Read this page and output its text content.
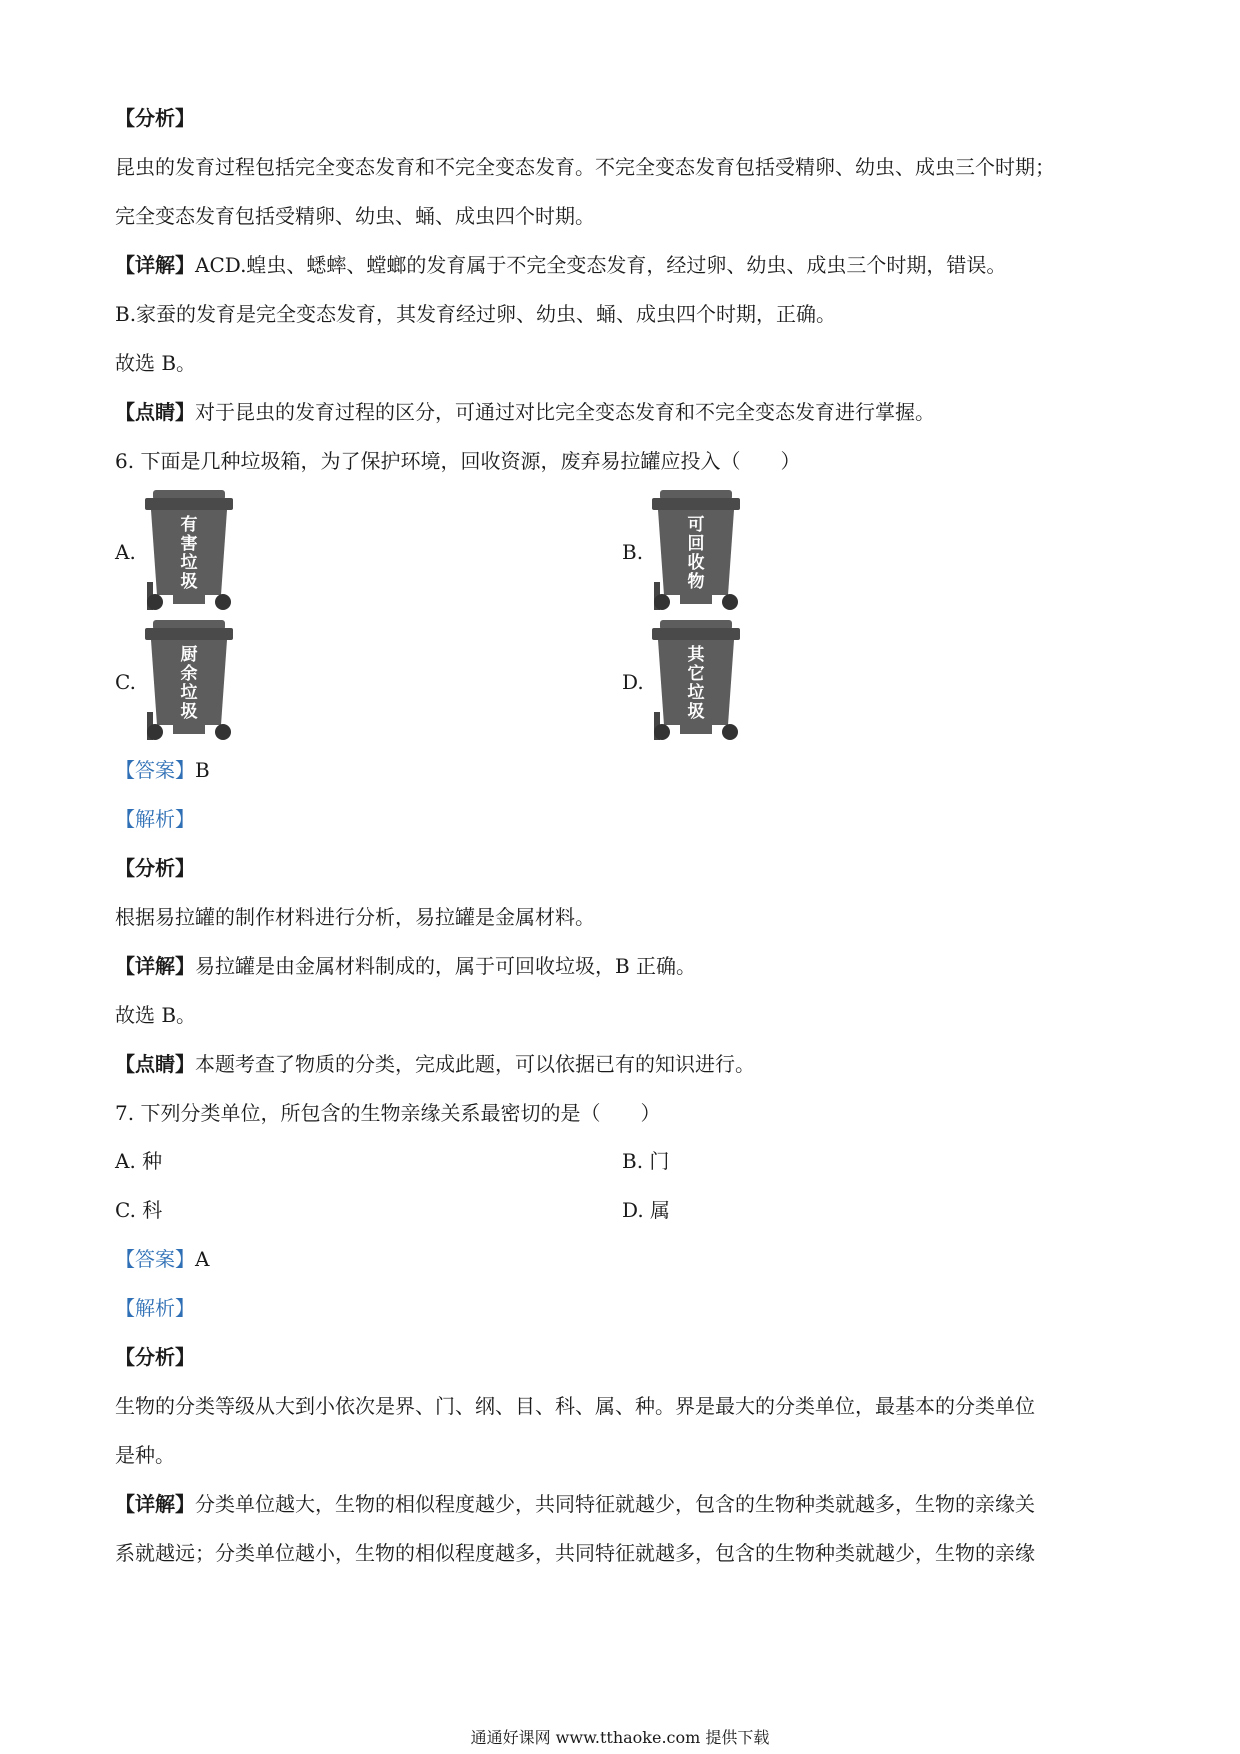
【分析】
昆虫的发育过程包括完全变态发育和不完全变态发育。不完全变态发育包括受精卵、幼虫、成虫三个时期；
完全变态发育包括受精卵、幼虫、蛹、成虫四个时期。
【详解】ACD.蝗虫、蟋蟀、螳螂的发育属于不完全变态发育，经过卵、幼虫、成虫三个时期，错误。
B.家蚕的发育是完全变态发育，其发育经过卵、幼虫、蛹、成虫四个时期，正确。
故选 B。
【点睛】对于昆虫的发育过程的区分，可通过对比完全变态发育和不完全变态发育进行掌握。
6. 下面是几种垃圾箱，为了保护环境，回收资源，废弃易拉罐应投入（　　）
A.	B.
C.	D.
有
害
垃
圾
可
回
收
物
厨
余
垃
圾
其
它
垃
圾
【答案】B
【解析】
【分析】
根据易拉罐的制作材料进行分析，易拉罐是金属材料。
【详解】易拉罐是由金属材料制成的，属于可回收垃圾，B 正确。
故选 B。
【点睛】本题考查了物质的分类，完成此题，可以依据已有的知识进行。
7. 下列分类单位，所包含的生物亲缘关系最密切的是（　　）
A. 种	B. 门
C. 科	D. 属
【答案】A
【解析】
【分析】
生物的分类等级从大到小依次是界、门、纲、目、科、属、种。界是最大的分类单位，最基本的分类单位
是种。
【详解】分类单位越大，生物的相似程度越少，共同特征就越少，包含的生物种类就越多，生物的亲缘关
系就越远；分类单位越小，生物的相似程度越多，共同特征就越多，包含的生物种类就越少，生物的亲缘
通通好课网 www.tthaoke.com 提供下载
